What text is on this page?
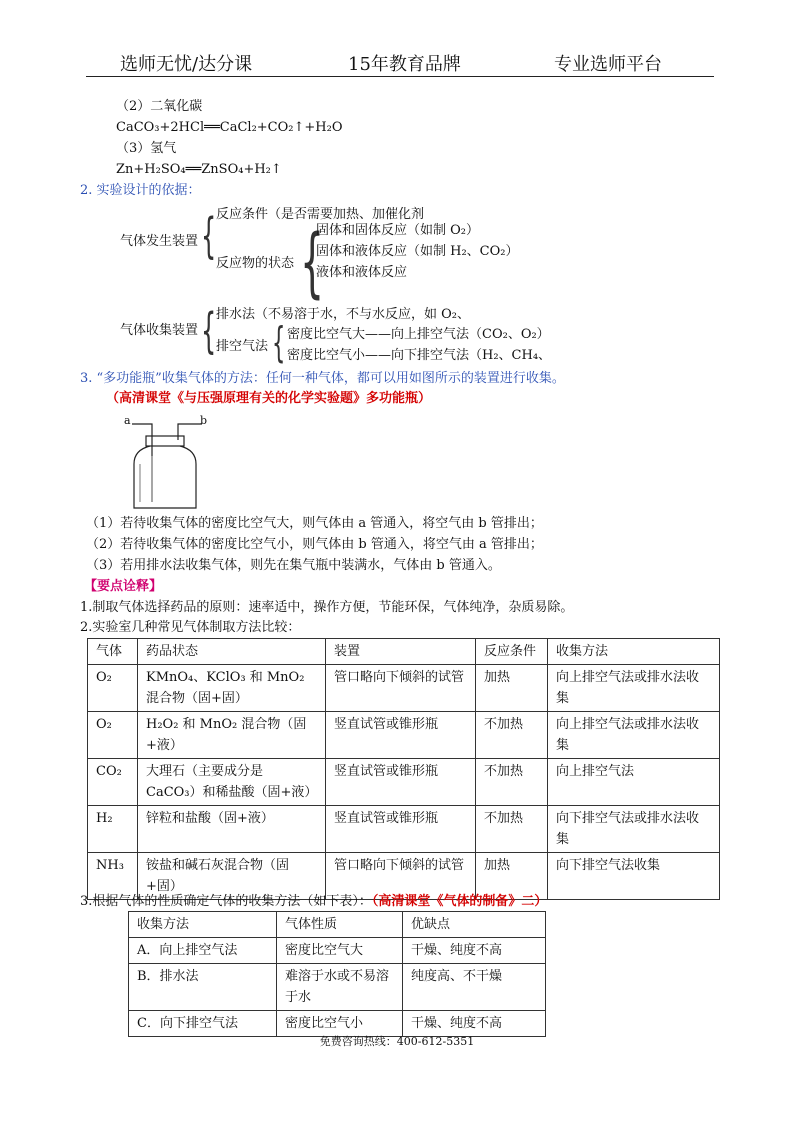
选师无忧/达分课	15年教育品牌	专业选师平台
（2）二氧化碳
CaCO₃+2HCl══CaCl₂+CO₂↑+H₂O
（3）氢气
Zn+H₂SO₄══ZnSO₄+H₂↑
2. 实验设计的依据：
气体发生装置 { 反应条件（是否需要加热、加催化剂
反应物的状态 {
固体和固体反应（如制 O₂）
固体和液体反应（如制 H₂、CO₂）
液体和液体反应
气体收集装置 { 排水法（不易溶于水，不与水反应，如 O₂、
排空气法 { 密度比空气大——向上排空气法（CO₂、O₂）
密度比空气小——向下排空气法（H₂、CH₄、
3. “多功能瓶”收集气体的方法：任何一种气体，都可以用如图所示的装置进行收集。
（高清课堂《与压强原理有关的化学实验题》多功能瓶）
a	b
（1）若待收集气体的密度比空气大，则气体由 a 管通入，将空气由 b 管排出；
（2）若待收集气体的密度比空气小，则气体由 b 管通入，将空气由 a 管排出；
（3）若用排水法收集气体，则先在集气瓶中装满水，气体由 b 管通入。
【要点诠释】
1.制取气体选择药品的原则：速率适中，操作方便，节能环保，气体纯净，杂质易除。
2.实验室几种常见气体制取方法比较：
气体	药品状态	装置	反应条件	收集方法
O₂	KMnO₄、KClO₃ 和 MnO₂ 混合物（固+固）	管口略向下倾斜的试管	加热	向上排空气法或排水法收集
O₂	H₂O₂ 和 MnO₂ 混合物（固+液）	竖直试管或锥形瓶	不加热	向上排空气法或排水法收集
CO₂	大理石（主要成分是 CaCO₃）和稀盐酸（固+液）	竖直试管或锥形瓶	不加热	向上排空气法
H₂	锌粒和盐酸（固+液）	竖直试管或锥形瓶	不加热	向下排空气法或排水法收集
NH₃	铵盐和碱石灰混合物（固+固）	管口略向下倾斜的试管	加热	向下排空气法收集
3.根据气体的性质确定气体的收集方法（如下表）：（高清课堂《气体的制备》二）
收集方法	气体性质	优缺点
A．向上排空气法	密度比空气大	干燥、纯度不高
B．排水法	难溶于水或不易溶于水	纯度高、不干燥
C．向下排空气法	密度比空气小	干燥、纯度不高
免费咨询热线：400-612-5351
